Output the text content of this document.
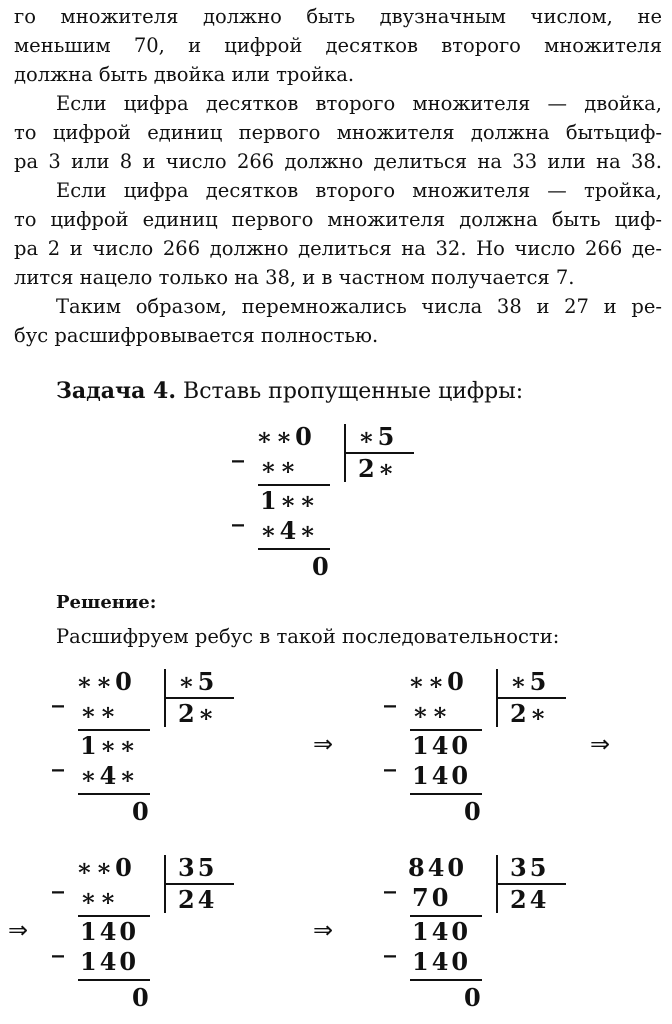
го множителя должно быть двузначным числом, не
меньшим 70, и цифрой десятков второго множителя
должна быть двойка или тройка.
Если цифра десятков второго множителя — двойка,
то цифрой единиц первого множителя должна бытьциф-
ра 3 или 8 и число 266 должно делиться на 33 или на 38.
Если цифра десятков второго множителя — тройка,
то цифрой единиц первого множителя должна быть циф-
ра 2 и число 266 должно делиться на 32. Но число 266 де-
лится нацело только на 38, и в частном получается 7.
Таким образом, перемножались числа 38 и 27 и ре-
бус расшифровывается полностью.
Задача 4. Вставь пропущенные цифры:
_ ∗∗0
∗∗
_ 1∗∗
∗4∗
0
∗5
2∗
Решение:
Расшифруем ребус в такой последовательности:
_ ∗∗0
∗∗
_ 1∗∗
∗4∗
0
∗5
2∗
⇒
_ ∗∗0
∗∗
_ 140
140
0
∗5
2∗
⇒
⇒
_ ∗∗0
∗∗
_ 140
140
0
35
24
⇒
_ 840
70
_ 140
140
0
35
24
